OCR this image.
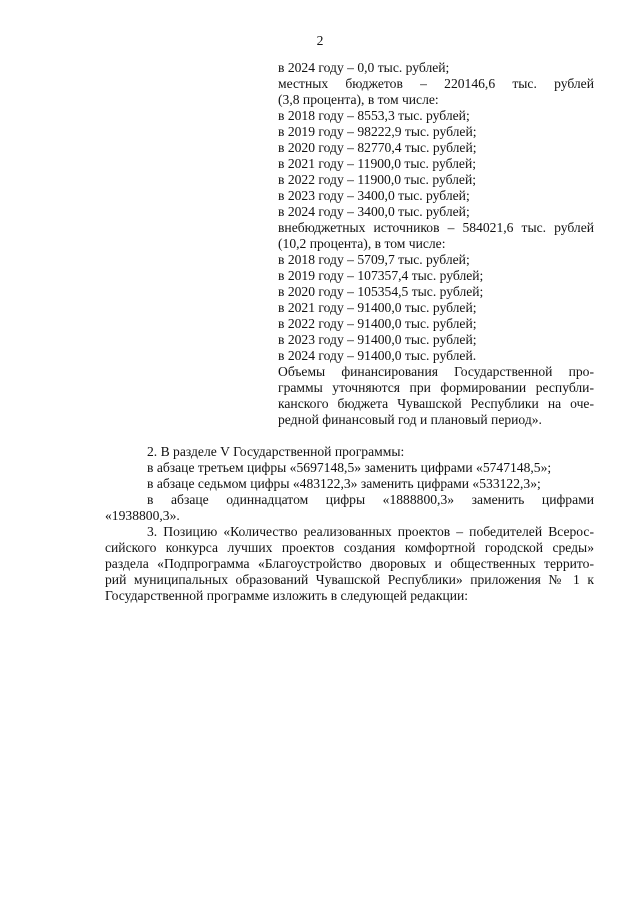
2
в 2024 году – 0,0 тыс. рублей;
местных бюджетов – 220146,6 тыс. рублей
(3,8 процента), в том числе:
в 2018 году – 8553,3 тыс. рублей;
в 2019 году – 98222,9 тыс. рублей;
в 2020 году – 82770,4 тыс. рублей;
в 2021 году – 11900,0 тыс. рублей;
в 2022 году – 11900,0 тыс. рублей;
в 2023 году – 3400,0 тыс. рублей;
в 2024 году – 3400,0 тыс. рублей;
внебюджетных источников – 584021,6 тыс. рублей
(10,2 процента), в том числе:
в 2018 году – 5709,7 тыс. рублей;
в 2019 году – 107357,4 тыс. рублей;
в 2020 году – 105354,5 тыс. рублей;
в 2021 году – 91400,0 тыс. рублей;
в 2022 году – 91400,0 тыс. рублей;
в 2023 году – 91400,0 тыс. рублей;
в 2024 году – 91400,0 тыс. рублей.
Объемы финансирования Государственной про-
граммы уточняются при формировании республи-
канского бюджета Чувашской Республики на оче-
редной финансовый год и плановый период».
2. В разделе V Государственной программы:
в абзаце третьем цифры «5697148,5» заменить цифрами «5747148,5»;
в абзаце седьмом цифры «483122,3» заменить цифрами «533122,3»;
в абзаце одиннадцатом цифры «1888800,3» заменить цифрами
«1938800,3».
3. Позицию «Количество реализованных проектов – победителей Всерос-
сийского конкурса лучших проектов создания комфортной городской среды»
раздела «Подпрограмма «Благоустройство дворовых и общественных террито-
рий муниципальных образований Чувашской Республики» приложения № 1 к
Государственной программе изложить в следующей редакции:
